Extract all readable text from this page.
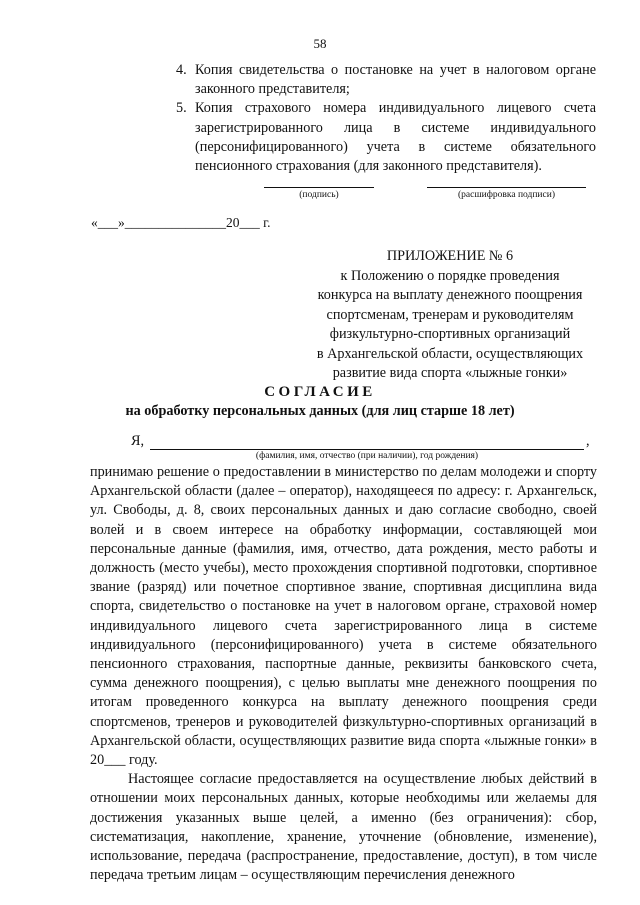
58
4. Копия свидетельства о постановке на учет в налоговом органе законного представителя;
5. Копия страхового номера индивидуального лицевого счета зарегистрированного лица в системе индивидуального (персонифицированного) учета в системе обязательного пенсионного страхования (для законного представителя).
(подпись)	(расшифровка подписи)
«___»_______________20___ г.
ПРИЛОЖЕНИЕ № 6
к Положению о порядке проведения
конкурса на выплату денежного поощрения
спортсменам, тренерам и руководителям
физкультурно-спортивных организаций
в Архангельской области, осуществляющих
развитие вида спорта «лыжные гонки»
СОГЛАСИЕ
на обработку персональных данных (для лиц старше 18 лет)
Я,	,
(фамилия, имя, отчество (при наличии), год рождения)

принимаю решение о предоставлении в министерство по делам молодежи и спорту Архангельской области (далее – оператор), находящееся по адресу: г. Архангельск, ул. Свободы, д. 8, своих персональных данных и даю согласие свободно, своей волей и в своем интересе на обработку информации, составляющей мои персональные данные (фамилия, имя, отчество, дата рождения, место работы и должность (место учебы), место прохождения спортивной подготовки, спортивное звание (разряд) или почетное спортивное звание, спортивная дисциплина вида спорта, свидетельство о постановке на учет в налоговом органе, страховой номер индивидуального лицевого счета зарегистрированного лица в системе индивидуального (персонифицированного) учета в системе обязательного пенсионного страхования, паспортные данные, реквизиты банковского счета, сумма денежного поощрения), с целью выплаты мне денежного поощрения по итогам проведенного конкурса на выплату денежного поощрения среди спортсменов, тренеров и руководителей физкультурно-спортивных организаций в Архангельской области, осуществляющих развитие вида спорта «лыжные гонки» в 20___ году.

Настоящее согласие предоставляется на осуществление любых действий в отношении моих персональных данных, которые необходимы или желаемы для достижения указанных выше целей, а именно (без ограничения): сбор, систематизация, накопление, хранение, уточнение (обновление, изменение), использование, передача (распространение, предоставление, доступ), в том числе передача третьим лицам – осуществляющим перечисления денежного
